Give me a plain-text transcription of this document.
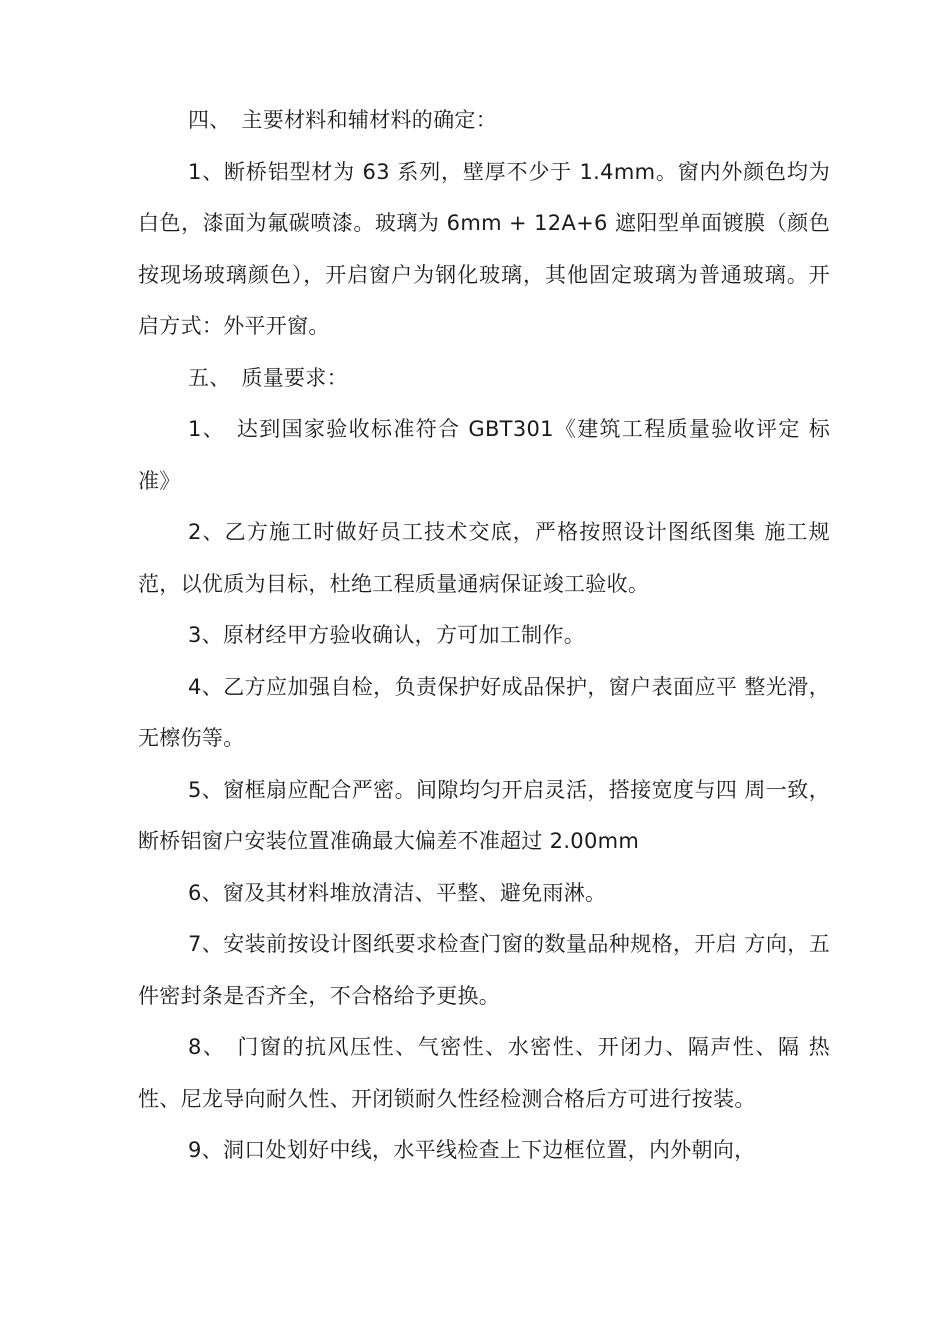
四、　主要材料和辅材料的确定：

1、断桥铝型材为 63 系列，壁厚不少于 1.4mm。窗内外颜色均为白色，漆面为氟碳喷漆。玻璃为 6mm + 12A+6 遮阳型单面镀膜（颜色按现场玻璃颜色），开启窗户为钢化玻璃，其他固定玻璃为普通玻璃。开启方式：外平开窗。

五、　质量要求：

1、　达到国家验收标准符合 GBT301《建筑工程质量验收评定 标准》

2、乙方施工时做好员工技术交底，严格按照设计图纸图集 施工规范，以优质为目标，杜绝工程质量通病保证竣工验收。

3、原材经甲方验收确认，方可加工制作。

4、乙方应加强自检，负责保护好成品保护，窗户表面应平 整光滑，无檫伤等。

5、窗框扇应配合严密。间隙均匀开启灵活，搭接宽度与四 周一致，断桥铝窗户安装位置准确最大偏差不准超过 2.00mm

6、窗及其材料堆放清洁、平整、避免雨淋。

7、安装前按设计图纸要求检查门窗的数量品种规格，开启 方向，五件密封条是否齐全，不合格给予更换。

8、　门窗的抗风压性、气密性、水密性、开闭力、隔声性、隔 热性、尼龙导向耐久性、开闭锁耐久性经检测合格后方可进行按装。

9、洞口处划好中线，水平线检查上下边框位置，内外朝向，
